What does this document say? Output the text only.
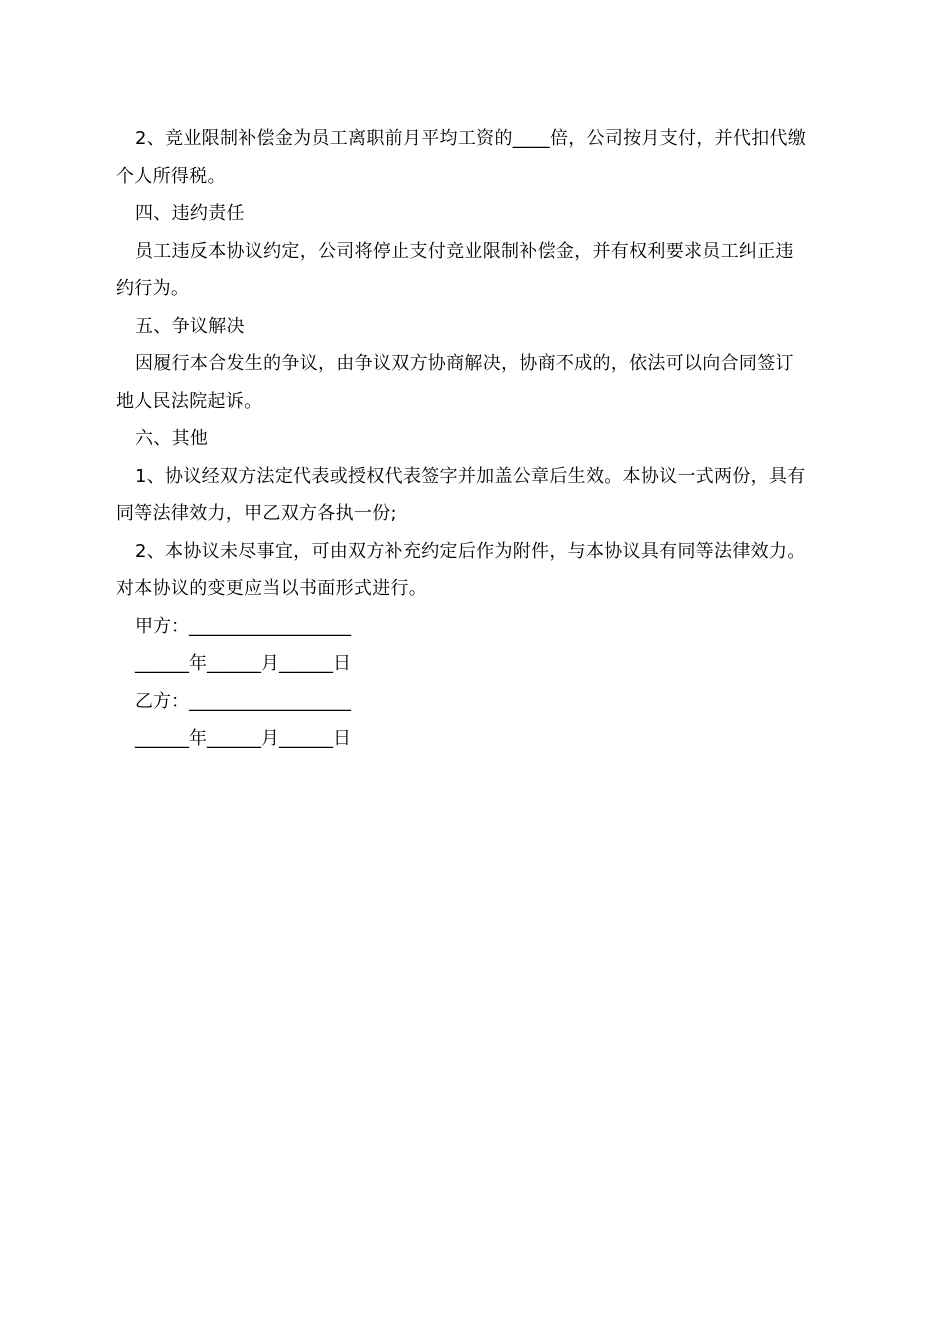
2、竞业限制补偿金为员工离职前月平均工资的____倍，公司按月支付，并代扣代缴
个人所得税。
四、违约责任
员工违反本协议约定，公司将停止支付竞业限制补偿金，并有权利要求员工纠正违
约行为。
五、争议解决
因履行本合发生的争议，由争议双方协商解决，协商不成的，依法可以向合同签订
地人民法院起诉。
六、其他
1、协议经双方法定代表或授权代表签字并加盖公章后生效。本协议一式两份，具有
同等法律效力，甲乙双方各执一份;
2、本协议未尽事宜，可由双方补充约定后作为附件，与本协议具有同等法律效力。
对本协议的变更应当以书面形式进行。
甲方：__________________
______年______月______日
乙方：__________________
______年______月______日
